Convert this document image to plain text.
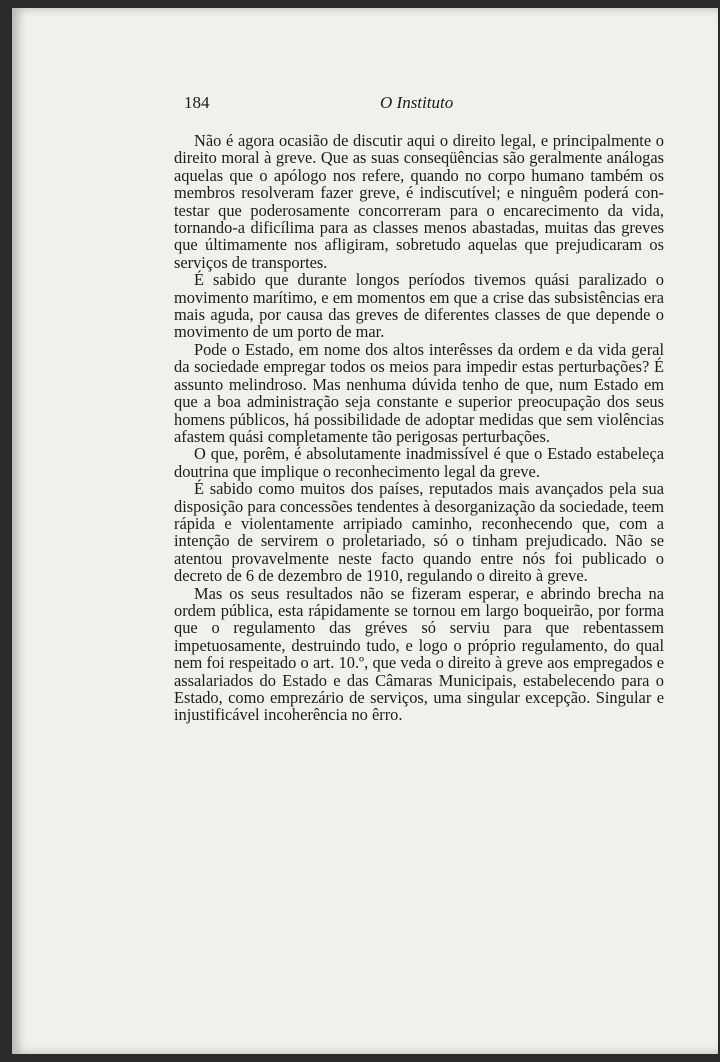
184	O Instituto

Não é agora ocasião de discutir aqui o direito legal, e principalmente o direito moral à greve. Que as suas conseqüências são geralmente análogas aquelas que o apólogo nos refere, quando no corpo humano também os membros resolveram fazer greve, é indiscutível; e ninguêm poderá contestar que poderosamente concorreram para o encarecimento da vida, tornando-a dificílima para as classes menos abastadas, muitas das greves que últimamente nos afligiram, sobretudo aquelas que prejudicaram os serviços de transportes.

É sabido que durante longos períodos tivemos quási paralizado o movimento marítimo, e em momentos em que a crise das subsistências era mais aguda, por causa das greves de diferentes classes de que depende o movimento de um porto de mar.

Pode o Estado, em nome dos altos interêsses da ordem e da vida geral da sociedade empregar todos os meios para impedir estas perturbações? É assunto melindroso. Mas nenhuma dúvida tenho de que, num Estado em que a boa administração seja constante e superior preocupação dos seus homens públicos, há possibilidade de adoptar medidas que sem violências afastem quási completamente tão perigosas perturbações.

O que, porêm, é absolutamente inadmissível é que o Estado estabeleça doutrina que implique o reconhecimento legal da greve.

É sabido como muitos dos países, reputados mais avançados pela sua disposição para concessões tendentes à desorganização da sociedade, teem rápida e violentamente arripiado caminho, reconhecendo que, com a intenção de servirem o proletariado, só o tinham prejudicado. Não se atentou provavelmente neste facto quando entre nós foi publicado o decreto de 6 de dezembro de 1910, regulando o direito à greve.

Mas os seus resultados não se fizeram esperar, e abrindo brecha na ordem pública, esta rápidamente se tornou em largo boqueirão, por forma que o regulamento das gréves só serviu para que rebentassem impetuosamente, destruindo tudo, e logo o próprio regulamento, do qual nem foi respeitado o art. 10.º, que veda o direito à greve aos empregados e assalariados do Estado e das Câmaras Municipais, estabelecendo para o Estado, como emprezário de serviços, uma singular excepção. Singular e injustificável incoherência no êrro.
